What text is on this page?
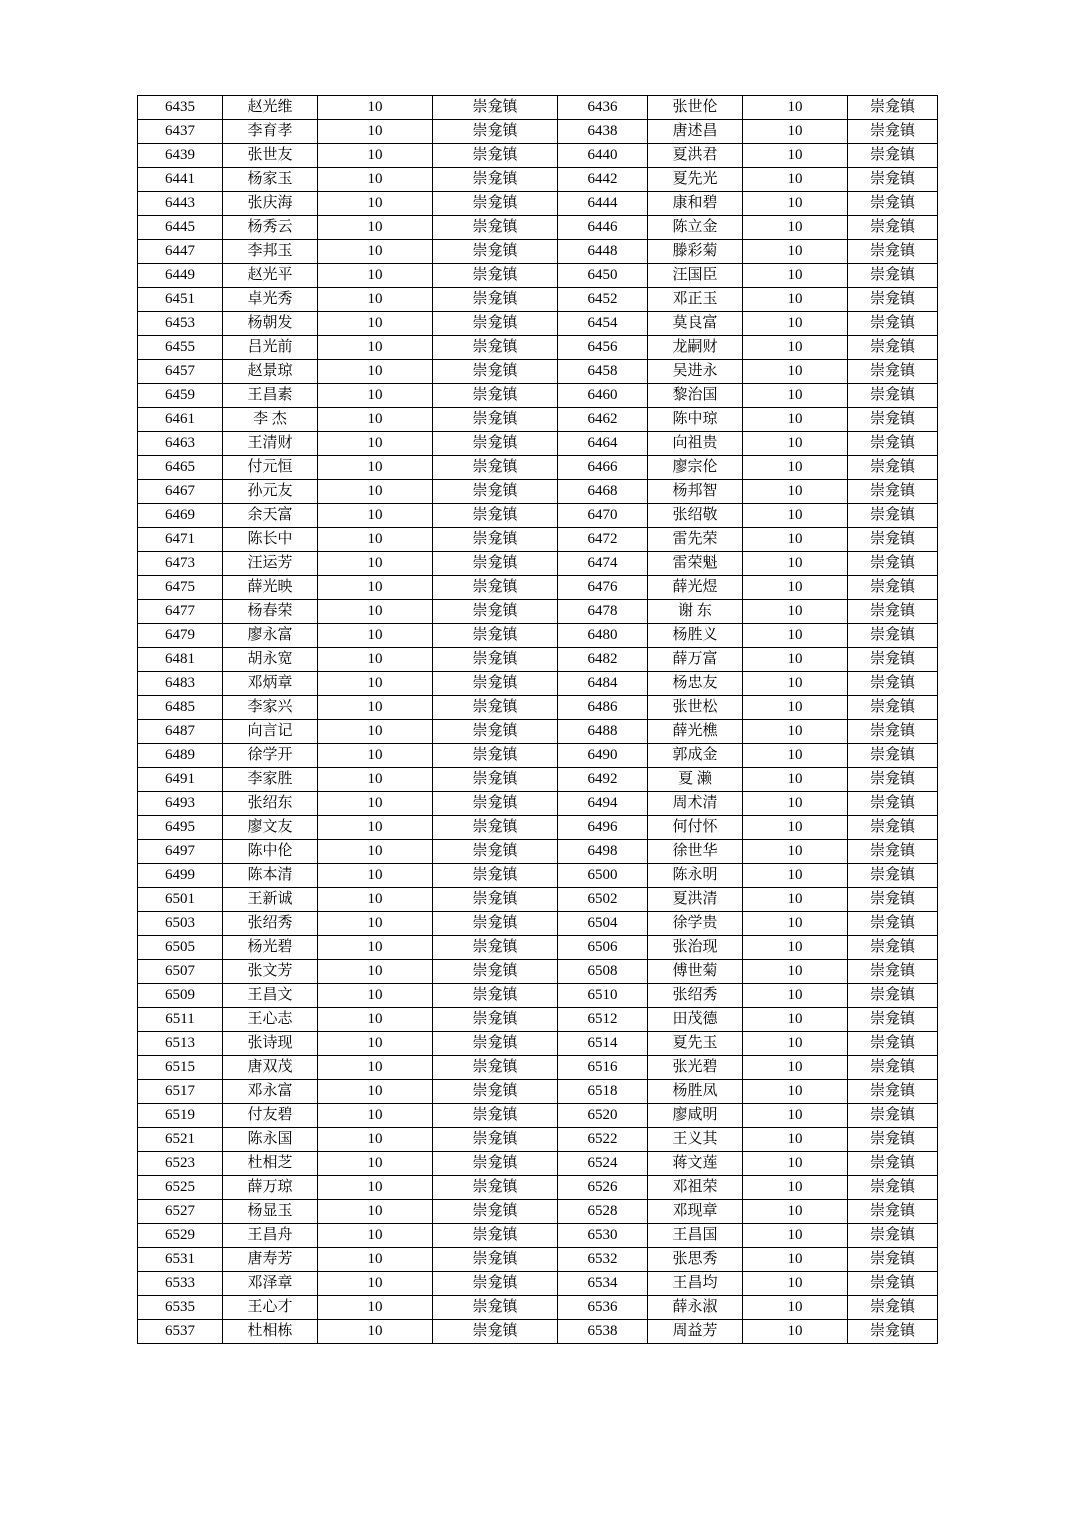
6435	赵光维	10	崇龛镇	6436	张世伦	10	崇龛镇
6437	李育孝	10	崇龛镇	6438	唐述昌	10	崇龛镇
6439	张世友	10	崇龛镇	6440	夏洪君	10	崇龛镇
6441	杨家玉	10	崇龛镇	6442	夏先光	10	崇龛镇
6443	张庆海	10	崇龛镇	6444	康和碧	10	崇龛镇
6445	杨秀云	10	崇龛镇	6446	陈立金	10	崇龛镇
6447	李邦玉	10	崇龛镇	6448	滕彩菊	10	崇龛镇
6449	赵光平	10	崇龛镇	6450	汪国臣	10	崇龛镇
6451	卓光秀	10	崇龛镇	6452	邓正玉	10	崇龛镇
6453	杨朝发	10	崇龛镇	6454	莫良富	10	崇龛镇
6455	吕光前	10	崇龛镇	6456	龙嗣财	10	崇龛镇
6457	赵景琼	10	崇龛镇	6458	吴进永	10	崇龛镇
6459	王昌素	10	崇龛镇	6460	黎治国	10	崇龛镇
6461	李 杰	10	崇龛镇	6462	陈中琼	10	崇龛镇
6463	王清财	10	崇龛镇	6464	向祖贵	10	崇龛镇
6465	付元恒	10	崇龛镇	6466	廖宗伦	10	崇龛镇
6467	孙元友	10	崇龛镇	6468	杨邦智	10	崇龛镇
6469	余天富	10	崇龛镇	6470	张绍敬	10	崇龛镇
6471	陈长中	10	崇龛镇	6472	雷先荣	10	崇龛镇
6473	汪运芳	10	崇龛镇	6474	雷荣魁	10	崇龛镇
6475	薛光映	10	崇龛镇	6476	薛光煜	10	崇龛镇
6477	杨春荣	10	崇龛镇	6478	谢 东	10	崇龛镇
6479	廖永富	10	崇龛镇	6480	杨胜义	10	崇龛镇
6481	胡永宽	10	崇龛镇	6482	薛万富	10	崇龛镇
6483	邓炳章	10	崇龛镇	6484	杨忠友	10	崇龛镇
6485	李家兴	10	崇龛镇	6486	张世松	10	崇龛镇
6487	向言记	10	崇龛镇	6488	薛光樵	10	崇龛镇
6489	徐学开	10	崇龛镇	6490	郭成金	10	崇龛镇
6491	李家胜	10	崇龛镇	6492	夏 濑	10	崇龛镇
6493	张绍东	10	崇龛镇	6494	周术清	10	崇龛镇
6495	廖文友	10	崇龛镇	6496	何付怀	10	崇龛镇
6497	陈中伦	10	崇龛镇	6498	徐世华	10	崇龛镇
6499	陈本清	10	崇龛镇	6500	陈永明	10	崇龛镇
6501	王新诚	10	崇龛镇	6502	夏洪清	10	崇龛镇
6503	张绍秀	10	崇龛镇	6504	徐学贵	10	崇龛镇
6505	杨光碧	10	崇龛镇	6506	张治现	10	崇龛镇
6507	张文芳	10	崇龛镇	6508	傅世菊	10	崇龛镇
6509	王昌文	10	崇龛镇	6510	张绍秀	10	崇龛镇
6511	王心志	10	崇龛镇	6512	田茂德	10	崇龛镇
6513	张诗现	10	崇龛镇	6514	夏先玉	10	崇龛镇
6515	唐双茂	10	崇龛镇	6516	张光碧	10	崇龛镇
6517	邓永富	10	崇龛镇	6518	杨胜凤	10	崇龛镇
6519	付友碧	10	崇龛镇	6520	廖咸明	10	崇龛镇
6521	陈永国	10	崇龛镇	6522	王义其	10	崇龛镇
6523	杜相芝	10	崇龛镇	6524	蒋文莲	10	崇龛镇
6525	薛万琼	10	崇龛镇	6526	邓祖荣	10	崇龛镇
6527	杨显玉	10	崇龛镇	6528	邓现章	10	崇龛镇
6529	王昌舟	10	崇龛镇	6530	王昌国	10	崇龛镇
6531	唐寿芳	10	崇龛镇	6532	张思秀	10	崇龛镇
6533	邓泽章	10	崇龛镇	6534	王昌均	10	崇龛镇
6535	王心才	10	崇龛镇	6536	薛永淑	10	崇龛镇
6537	杜相栋	10	崇龛镇	6538	周益芳	10	崇龛镇
